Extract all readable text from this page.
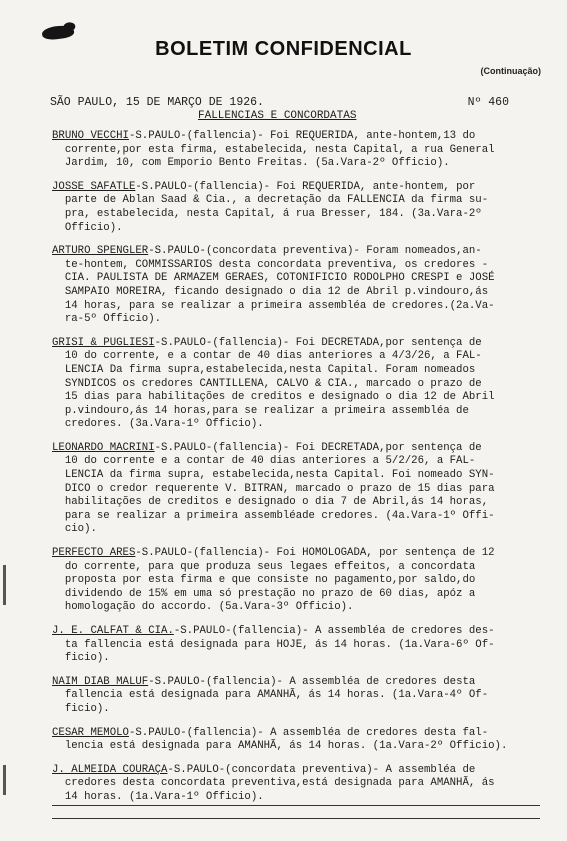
BOLETIM CONFIDENCIAL
(Continuação)
SÃO PAULO, 15 DE MARÇO DE 1926.	Nº 460
FALLENCIAS E CONCORDATAS
BRUNO VECCHI-S.PAULO-(fallencia)- Foi REQUERIDA, ante-hontem,13 do
corrente,por esta firma, estabelecida, nesta Capital, a rua General
Jardim, 10, com Emporio Bento Freitas. (5a.Vara-2º Officio).
JOSSE SAFATLE-S.PAULO-(fallencia)- Foi REQUERIDA, ante-hontem, por
parte de Ablan Saad & Cia., a decretação da FALLENCIA da firma su-
pra, estabelecida, nesta Capital, á rua Bresser, 184. (3a.Vara-2º
Officio).
ARTURO SPENGLER-S.PAULO-(concordata preventiva)- Foram nomeados,an-
te-hontem, COMMISSARIOS desta concordata preventiva, os credores -
CIA. PAULISTA DE ARMAZEM GERAES, COTONIFICIO RODOLPHO CRESPI e JOSÉ
SAMPAIO MOREIRA, ficando designado o dia 12 de Abril p.vindouro,ás
14 horas, para se realizar a primeira assembléa de credores.(2a.Va-
ra-5º Officio).
GRISI & PUGLIESI-S.PAULO-(fallencia)- Foi DECRETADA,por sentença de
10 do corrente, e a contar de 40 dias anteriores a 4/3/26, a FAL-
LENCIA Da firma supra,estabelecida,nesta Capital. Foram nomeados
SYNDICOS os credores CANTILLENA, CALVO & CIA., marcado o prazo de
15 dias para habilitações de creditos e designado o dia 12 de Abril
p.vindouro,ás 14 horas,para se realizar a primeira assembléa de
credores. (3a.Vara-1º Officio).
LEONARDO MACRINI-S.PAULO-(fallencia)- Foi DECRETADA,por sentença de
10 do corrente e a contar de 40 dias anteriores a 5/2/26, a FAL-
LENCIA da firma supra, estabelecida,nesta Capital. Foi nomeado SYN-
DICO o credor requerente V. BITRAN, marcado o prazo de 15 dias para
habilitações de creditos e designado o dia 7 de Abril,ás 14 horas,
para se realizar a primeira assembléade credores. (4a.Vara-1º Offi-
cio).
PERFECTO ARES-S.PAULO-(fallencia)- Foi HOMOLOGADA, por sentença de 12
do corrente, para que produza seus legaes effeitos, a concordata
proposta por esta firma e que consiste no pagamento,por saldo,do
dividendo de 15% em uma só prestação no prazo de 60 dias, apóz a
homologação do accordo. (5a.Vara-3º Officio).
J. E. CALFAT & CIA.-S.PAULO-(fallencia)- A assembléa de credores des-
ta fallencia está designada para HOJE, ás 14 horas. (1a.Vara-6º Of-
ficio).
NAIM DIAB MALUF-S.PAULO-(fallencia)- A assembléa de credores desta
fallencia está designada para AMANHÃ, ás 14 horas. (1a.Vara-4º Of-
ficio).
CESAR MEMOLO-S.PAULO-(fallencia)- A assembléa de credores desta fal-
lencia está designada para AMANHÃ, ás 14 horas. (1a.Vara-2º Officio).
J. ALMEIDA COURAÇA-S.PAULO-(concordata preventiva)- A assembléa de
credores desta concordata preventiva,está designada para AMANHÃ, ás
14 horas. (1a.Vara-1º Officio).
